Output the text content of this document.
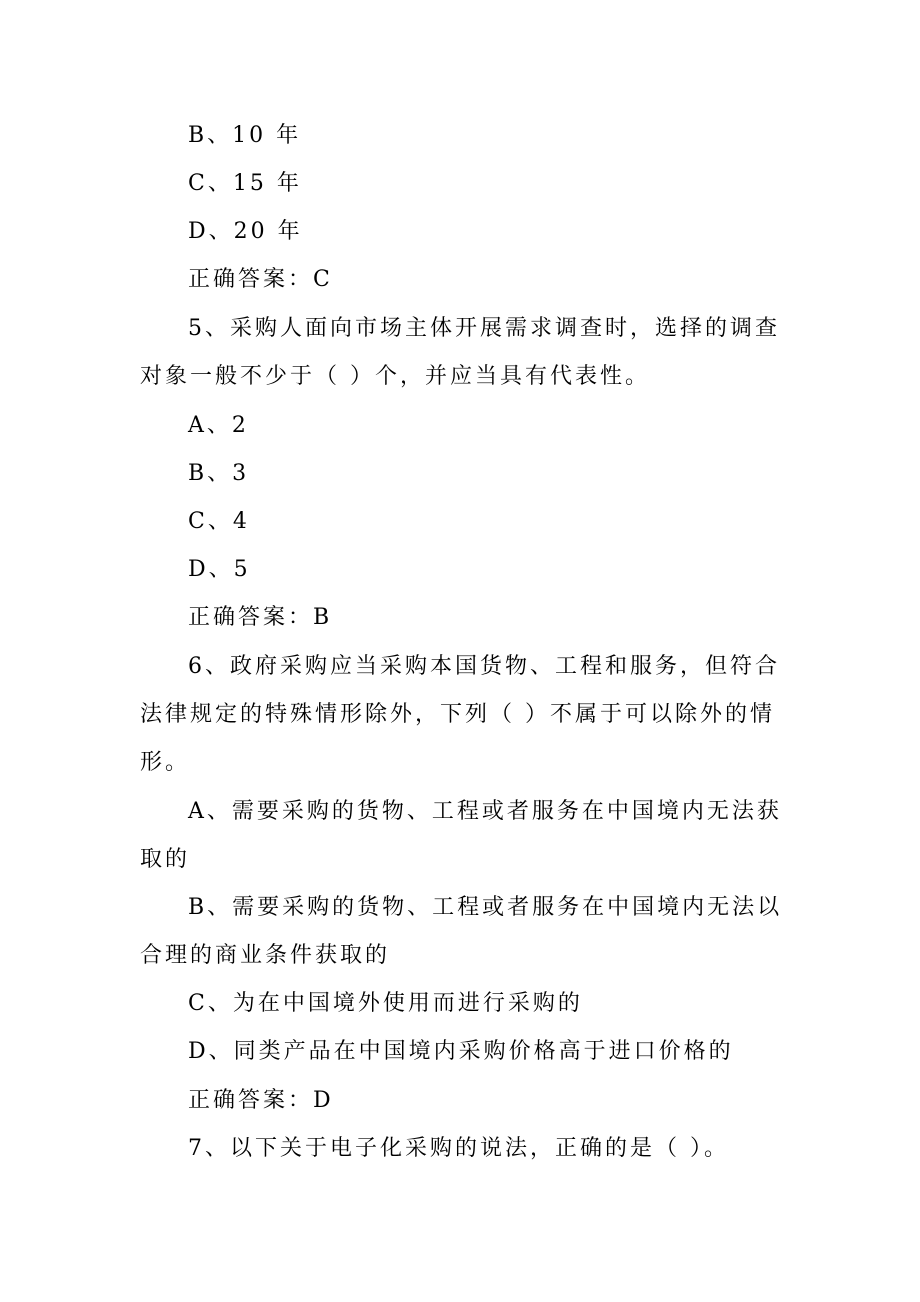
B、10 年
C、15 年
D、20 年
正确答案：C
5、采购人面向市场主体开展需求调查时，选择的调查
对象一般不少于（ ）个，并应当具有代表性。
A、2
B、3
C、4
D、5
正确答案：B
6、政府采购应当采购本国货物、工程和服务，但符合
法律规定的特殊情形除外，下列（ ）不属于可以除外的情
形。
A、需要采购的货物、工程或者服务在中国境内无法获
取的
B、需要采购的货物、工程或者服务在中国境内无法以
合理的商业条件获取的
C、为在中国境外使用而进行采购的
D、同类产品在中国境内采购价格高于进口价格的
正确答案：D
7、以下关于电子化采购的说法，正确的是（ ）。
